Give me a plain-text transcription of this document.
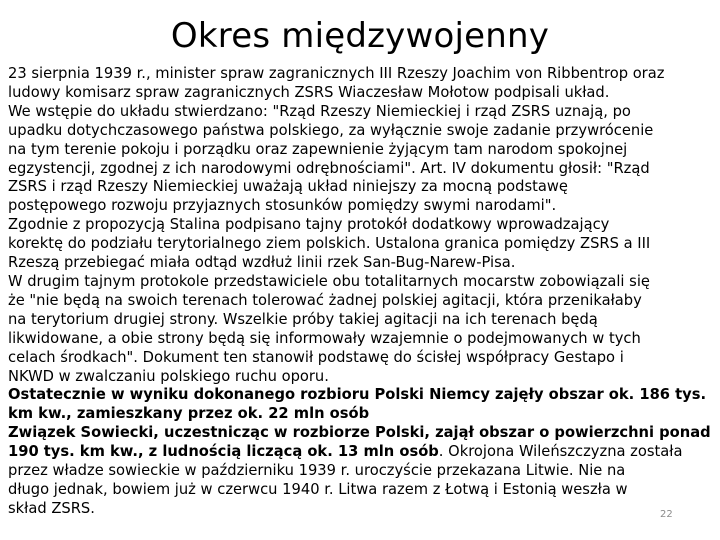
Okres międzywojenny
23 sierpnia 1939 r., minister spraw zagranicznych III Rzeszy Joachim von Ribbentrop oraz
ludowy komisarz spraw zagranicznych ZSRS Wiaczesław Mołotow podpisali układ.
We wstępie do układu stwierdzano: "Rząd Rzeszy Niemieckiej i rząd ZSRS uznają, po
upadku dotychczasowego państwa polskiego, za wyłącznie swoje zadanie przywrócenie
na tym terenie pokoju i porządku oraz zapewnienie żyjącym tam narodom spokojnej
egzystencji, zgodnej z ich narodowymi odrębnościami". Art. IV dokumentu głosił: "Rząd
ZSRS i rząd Rzeszy Niemieckiej uważają układ niniejszy za mocną podstawę
postępowego rozwoju przyjaznych stosunków pomiędzy swymi narodami".
Zgodnie z propozycją Stalina podpisano tajny protokół dodatkowy wprowadzający
korektę do podziału terytorialnego ziem polskich. Ustalona granica pomiędzy ZSRS a III
Rzeszą przebiegać miała odtąd wzdłuż linii rzek San-Bug-Narew-Pisa.
W drugim tajnym protokole przedstawiciele obu totalitarnych mocarstw zobowiązali się
że "nie będą na swoich terenach tolerować żadnej polskiej agitacji, która przenikałaby
na terytorium drugiej strony. Wszelkie próby takiej agitacji na ich terenach będą
likwidowane, a obie strony będą się informowały wzajemnie o podejmowanych w tych
celach środkach". Dokument ten stanowił podstawę do ścisłej współpracy Gestapo i
NKWD w zwalczaniu polskiego ruchu oporu.
Ostatecznie w wyniku dokonanego rozbioru Polski Niemcy zajęły obszar ok. 186 tys.
km kw., zamieszkany przez ok. 22 mln osób
Związek Sowiecki, uczestnicząc w rozbiorze Polski, zajął obszar o powierzchni ponad
190 tys. km kw., z ludnością liczącą ok. 13 mln osób. Okrojona Wileńszczyzna została
przez władze sowieckie w październiku 1939 r. uroczyście przekazana Litwie. Nie na
długo jednak, bowiem już w czerwcu 1940 r. Litwa razem z Łotwą i Estonią weszła w
skład ZSRS.	22
